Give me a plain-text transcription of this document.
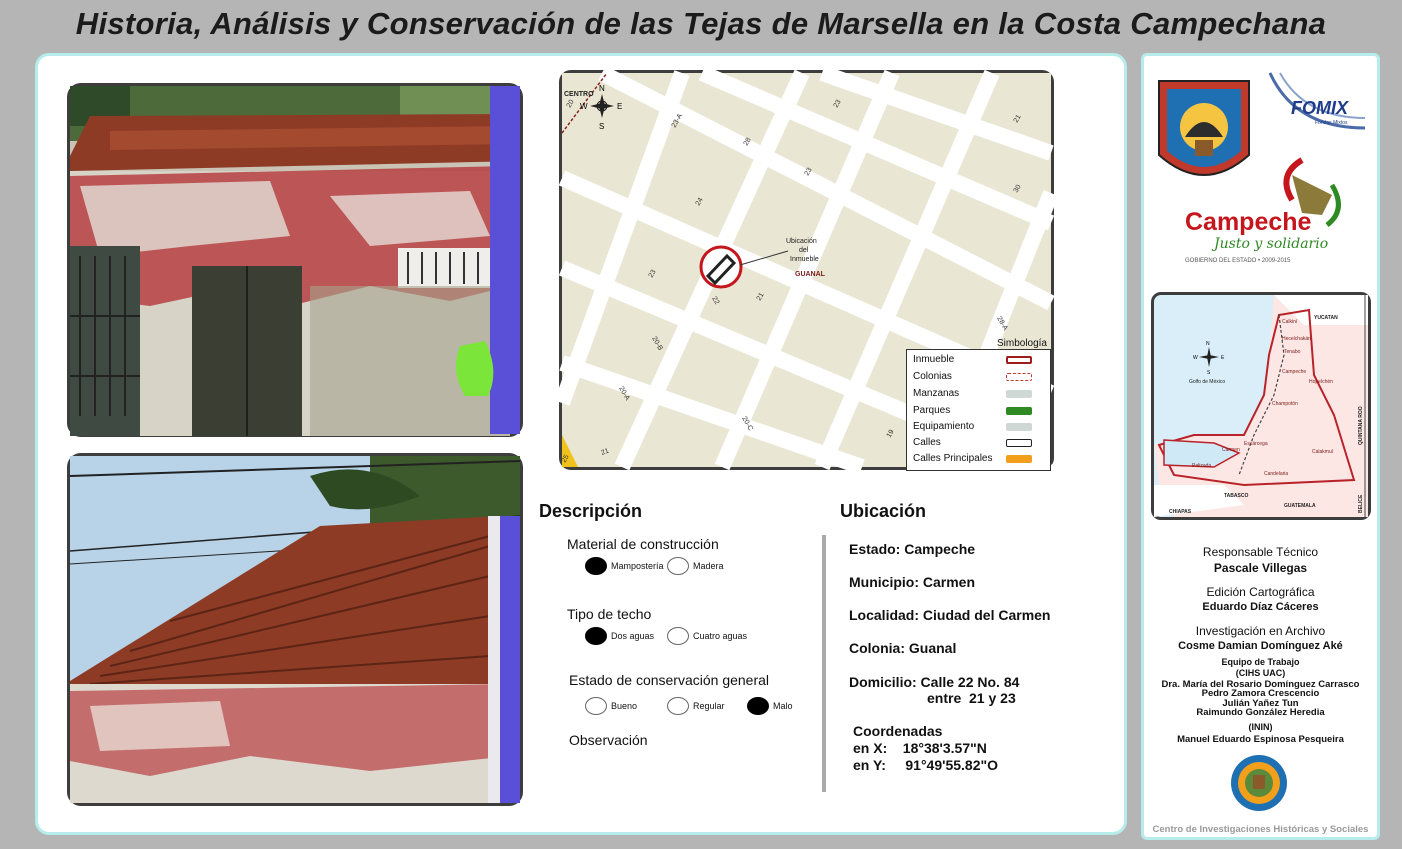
Historia, Análisis y Conservación de las Tejas de Marsella en la Costa Campechana
CENTRO
GUANAL
Ubicación
del
Inmueble
23-A
28
23
21
24
23
30
23
22	21
20-B
28-A
20-A
20-C
19
21
25
20
N
S
E
W
Simbología
Inmueble
Colonias
Manzanas
Parques
Equipamiento
Calles
Calles Principales
Descripción
Material de construcción
Mampostería	Madera
Tipo de techo
Dos aguas	Cuatro aguas
Estado de conservación general
Bueno	Regular	Malo
Observación
Ubicación
Estado: Campeche
Municipio: Carmen
Localidad: Ciudad del Carmen
Colonia: Guanal
Domicilio: Calle 22 No. 84
entre  21 y 23
Coordenadas
en X:    18°38'3.57"N
en Y:     91°49'55.82"O
FOMIX
Fondos Mixtos
Campeche
Justo y solidario
GOBIERNO DEL ESTADO • 2009-2015
N
S
E
W
YUCATAN
Golfo de México
Calkiní
Hecelchakán
Tenabo
Campeche
Hopelchén
Champotón
Escárcega
Carmen
Palizada
Candelaria
Calakmul
TABASCO
GUATEMALA
CHIAPAS
QUINTANA ROO
BELICE
Responsable Técnico
Pascale Villegas
Edición Cartográfica
Eduardo Díaz Cáceres
Investigación en Archivo
Cosme Damian Domínguez Aké
Equipo de Trabajo
(CIHS UAC)
Dra. María del Rosario Domínguez Carrasco
Pedro Zamora Crescencio
Julián Yañez Tun
Raimundo González Heredia
(ININ)
Manuel Eduardo Espinosa Pesqueira
Centro de Investigaciones Históricas y Sociales
